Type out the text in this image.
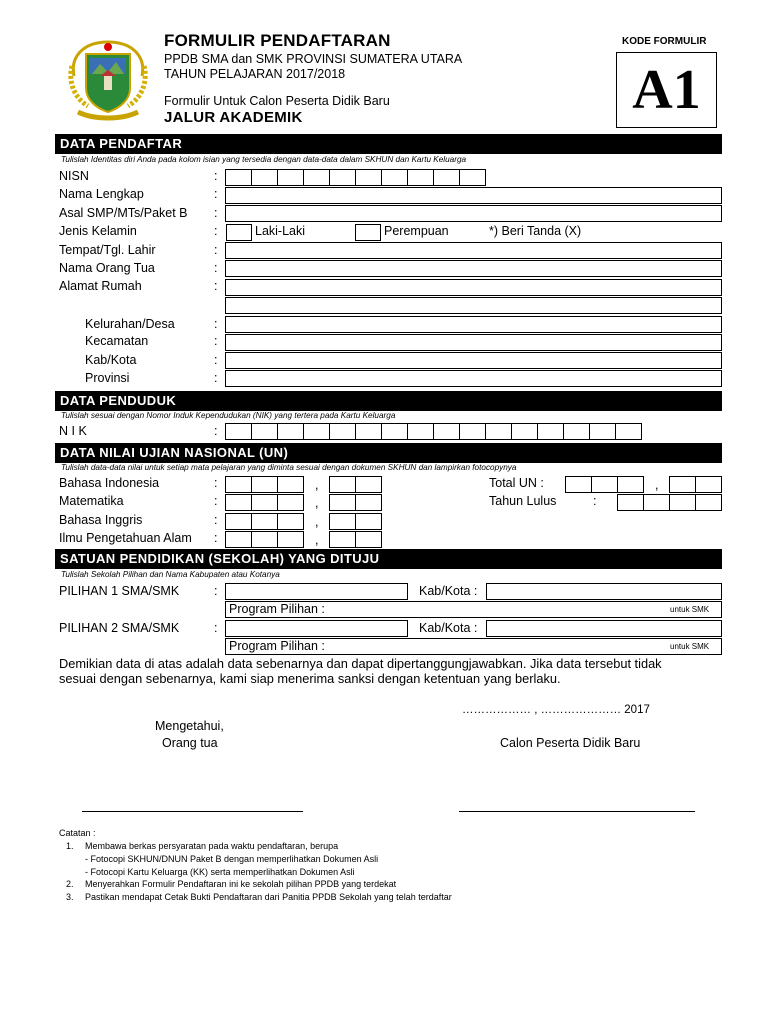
FORMULIR PENDAFTARAN
PPDB SMA dan SMK PROVINSI SUMATERA UTARA
TAHUN PELAJARAN 2017/2018
Formulir Untuk Calon Peserta Didik Baru
JALUR AKADEMIK
KODE FORMULIR
A1
DATA PENDAFTAR
Tulislah Identitas diri Anda pada kolom isian yang tersedia dengan data-data dalam SKHUN dan Kartu Keluarga
NISN	:
Nama Lengkap	:
Asal SMP/MTs/Paket B :
Jenis Kelamin	:	Laki-Laki	Perempuan	*) Beri Tanda (X)
Tempat/Tgl. Lahir	:
Nama Orang Tua	:
Alamat Rumah	:
Kelurahan/Desa	:
Kecamatan	:
Kab/Kota	:
Provinsi	:
DATA PENDUDUK
Tulislah sesuai dengan Nomor Induk Kependudukan (NIK) yang tertera pada Kartu Keluarga
N I K	:
DATA NILAI UJIAN NASIONAL (UN)
Tulislah data-data nilai untuk setiap mata pelajaran yang diminta sesuai dengan dokumen SKHUN dan lampirkan fotocopynya
Bahasa Indonesia	:	,	Total UN :	,
Matematika	:	,	Tahun Lulus	:
Bahasa Inggris	:	,
Ilmu Pengetahuan Alam :	,
SATUAN PENDIDIKAN (SEKOLAH) YANG DITUJU
Tulislah Sekolah Pilihan dan Nama Kabupaten atau Kotanya
PILIHAN 1 SMA/SMK	:	Kab/Kota :
Program Pilihan :	untuk SMK
PILIHAN 2 SMA/SMK	:	Kab/Kota :
Program Pilihan :	untuk SMK
Demikian data di atas adalah data sebenarnya dan dapat dipertanggungjawabkan. Jika data tersebut tidak
sesuai dengan sebenarnya, kami siap menerima sanksi dengan ketentuan yang berlaku.
……………… , ………………… 2017
Mengetahui,
Orang tua	Calon Peserta Didik Baru
Catatan :
1. Membawa berkas persyaratan pada waktu pendaftaran, berupa
- Fotocopi SKHUN/DNUN Paket B dengan memperlihatkan Dokumen Asli
- Fotocopi Kartu Keluarga (KK) serta memperlihatkan Dokumen Asli
2. Menyerahkan Formulir Pendaftaran ini ke sekolah pilihan PPDB yang terdekat
3. Pastikan mendapat Cetak Bukti Pendaftaran dari Panitia PPDB Sekolah yang telah terdaftar
